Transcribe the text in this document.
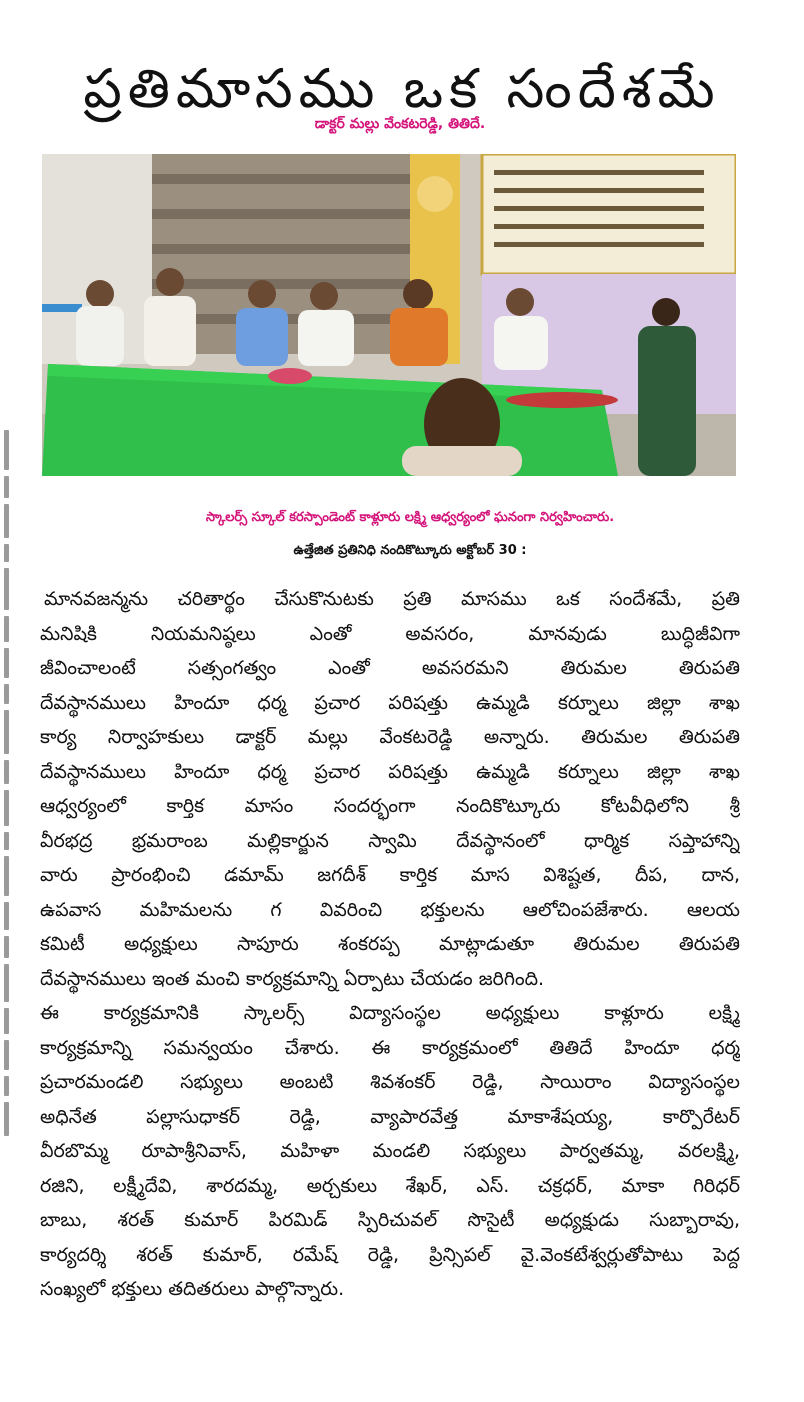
ప్రతిమాసము ఒక సందేశమే
డాక్టర్ మల్లు వేంకటరెడ్డి, తితిదే.
స్కాలర్స్ స్కూల్ కరస్పాండెంట్ కాళ్లూరు లక్ష్మి ఆధ్వర్యంలో ఘనంగా నిర్వహించారు.
ఉత్తేజిత ప్రతినిధి నందికొట్కూరు అక్టోబర్ 30 :
మానవజన్మను చరితార్థం చేసుకొనుటకు ప్రతి మాసము ఒక సందేశమే, ప్రతి
మనిషికి నియమనిష్ఠలు ఎంతో అవసరం, మానవుడు బుద్ధిజీవిగా
జీవించాలంటే సత్సంగత్వం ఎంతో అవసరమని తిరుమల తిరుపతి
దేవస్థానములు హిందూ ధర్మ ప్రచార పరిషత్తు ఉమ్మడి కర్నూలు జిల్లా శాఖ
కార్య నిర్వాహకులు డాక్టర్ మల్లు వేంకటరెడ్డి అన్నారు. తిరుమల తిరుపతి
దేవస్థానములు హిందూ ధర్మ ప్రచార పరిషత్తు ఉమ్మడి కర్నూలు జిల్లా శాఖ
ఆధ్వర్యంలో కార్తిక మాసం సందర్భంగా నందికొట్కూరు కోటవీధిలోని శ్రీ
వీరభద్ర భ్రమరాంబ మల్లికార్జున స్వామి దేవస్థానంలో ధార్మిక సప్తాహాన్ని
వారు ప్రారంభించి డమామ్ జగదీశ్ కార్తిక మాస విశిష్టత, దీప, దాన,
ఉపవాస మహిమలను గ వివరించి భక్తులను ఆలోచింపజేశారు. ఆలయ
కమిటీ అధ్యక్షులు సాపూరు శంకరప్ప మాట్లాడుతూ తిరుమల తిరుపతి
దేవస్థానములు ఇంత మంచి కార్యక్రమాన్ని ఏర్పాటు చేయడం జరిగింది.
ఈ కార్యక్రమానికి స్కాలర్స్ విద్యాసంస్థల అధ్యక్షులు కాళ్లూరు లక్ష్మి
కార్యక్రమాన్ని సమన్వయం చేశారు. ఈ కార్యక్రమంలో తితిదే హిందూ ధర్మ
ప్రచారమండలి సభ్యులు అంబటి శివశంకర్ రెడ్డి, సాయిరాం విద్యాసంస్థల
అధినేత పల్లాసుధాకర్ రెడ్డి, వ్యాపారవేత్త మాకాశేషయ్య, కార్పొరేటర్
వీరబొమ్మ రూపాశ్రీనివాస్, మహిళా మండలి సభ్యులు పార్వతమ్మ, వరలక్ష్మి,
రజిని, లక్ష్మీదేవి, శారదమ్మ, అర్చకులు శేఖర్, ఎస్. చక్రధర్, మాకా గిరిధర్
బాబు, శరత్ కుమార్ పిరమిడ్ స్పిరిచువల్ సొసైటీ అధ్యక్షుడు సుబ్బారావు,
కార్యదర్శి శరత్ కుమార్, రమేష్ రెడ్డి, ప్రిన్సిపల్ వై.వెంకటేశ్వర్లుతోపాటు పెద్ద
సంఖ్యలో భక్తులు తదితరులు పాల్గొన్నారు.
